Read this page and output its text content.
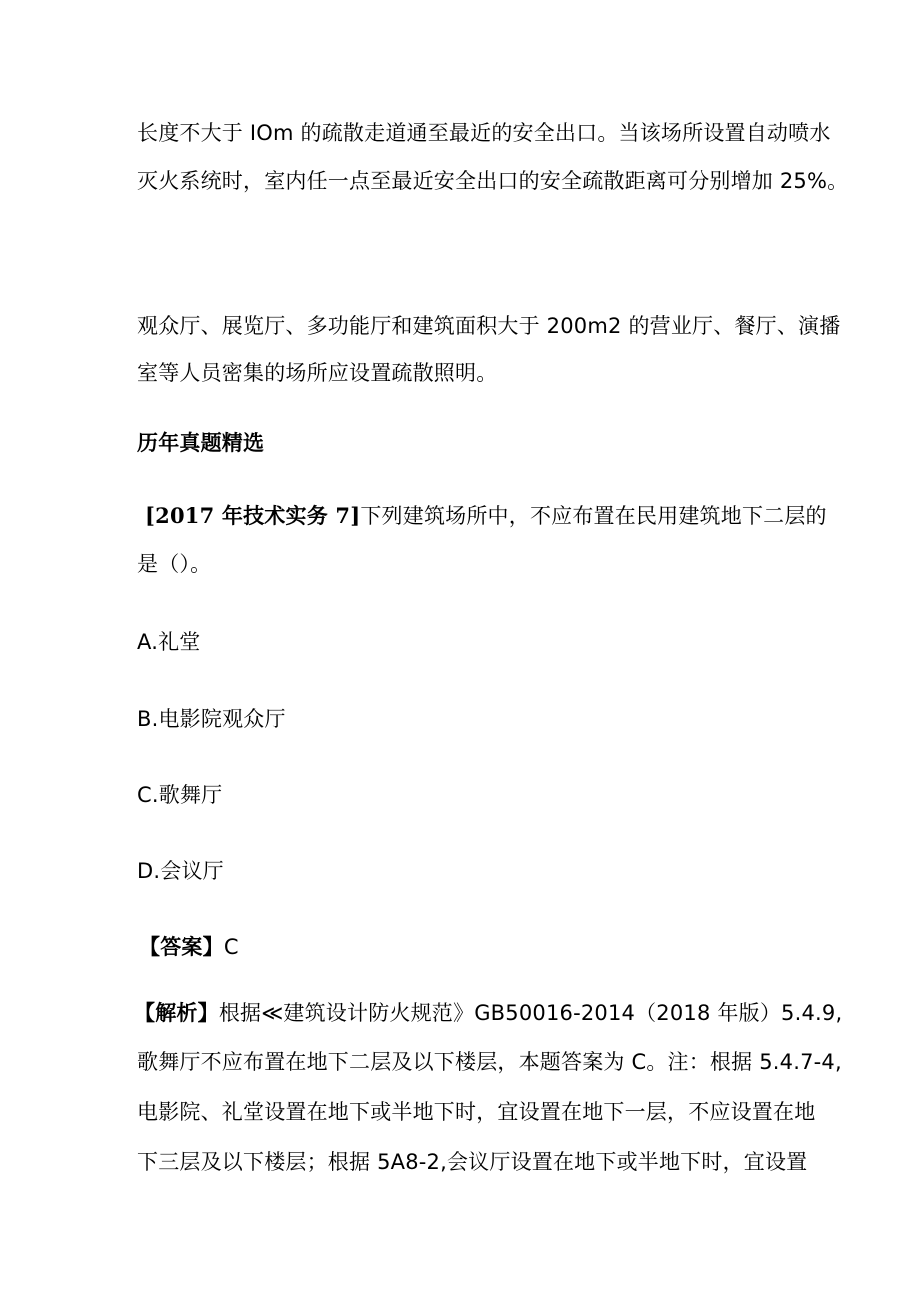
长度不大于 IOm 的疏散走道通至最近的安全出口。当该场所设置自动喷水
灭火系统时，室内任一点至最近安全出口的安全疏散距离可分别增加 25%。
观众厅、展览厅、多功能厅和建筑面积大于 200m2 的营业厅、餐厅、演播
室等人员密集的场所应设置疏散照明。
历年真题精选
[2017 年技术实务 7]下列建筑场所中，不应布置在民用建筑地下二层的
是（）。
A.礼堂
B.电影院观众厅
C.歌舞厅
D.会议厅
【答案】C
【解析】根据≪建筑设计防火规范》GB50016-2014（2018 年版）5.4.9,
歌舞厅不应布置在地下二层及以下楼层，本题答案为 C。注：根据 5.4.7-4,
电影院、礼堂设置在地下或半地下时，宜设置在地下一层，不应设置在地
下三层及以下楼层；根据 5A8-2,会议厅设置在地下或半地下时，宜设置
